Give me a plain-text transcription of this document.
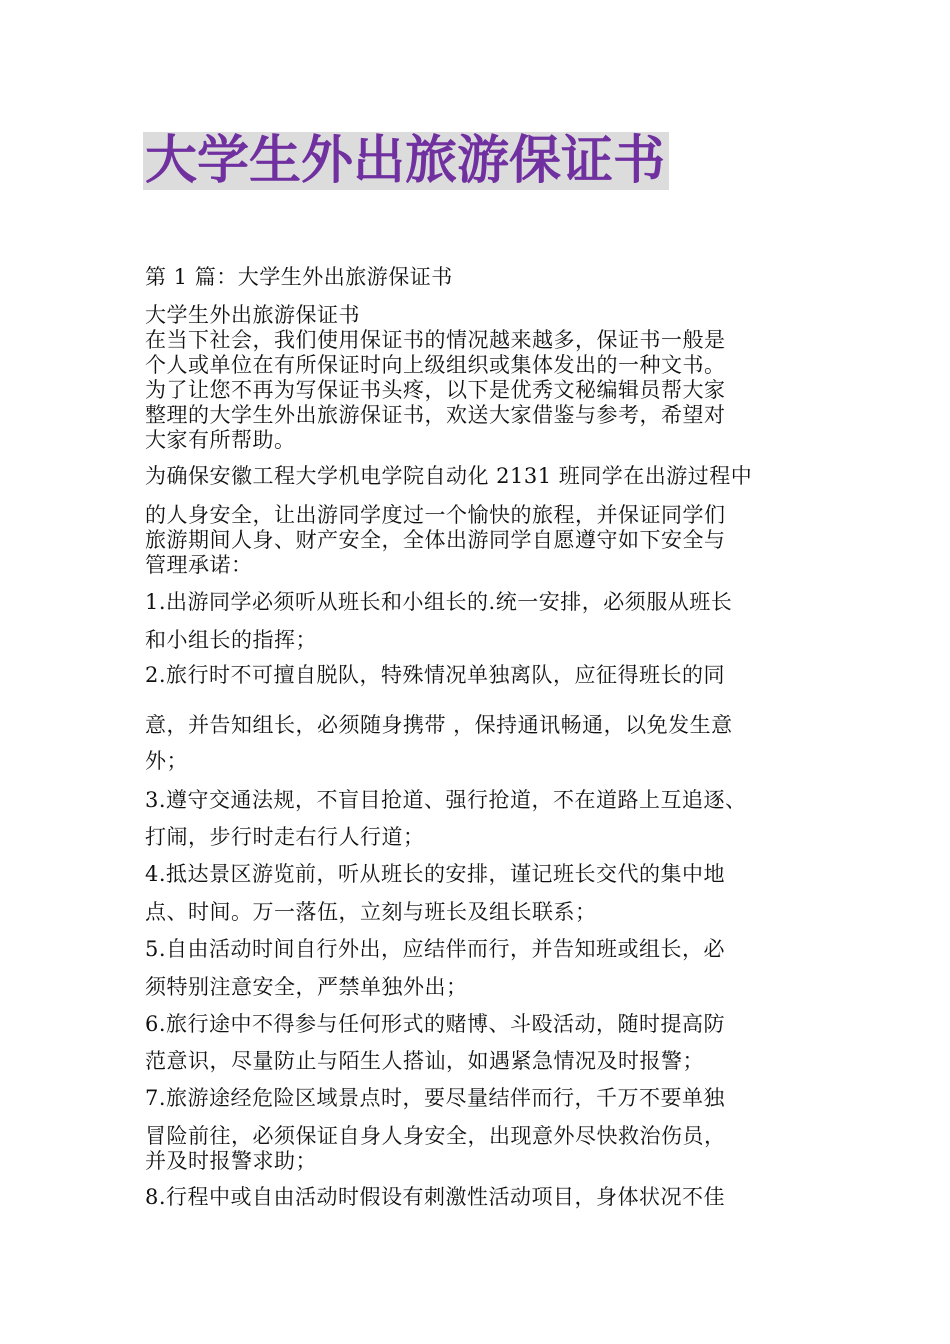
大学生外出旅游保证书
第 1 篇：大学生外出旅游保证书
大学生外出旅游保证书
在当下社会，我们使用保证书的情况越来越多，保证书一般是
个人或单位在有所保证时向上级组织或集体发出的一种文书。
为了让您不再为写保证书头疼，以下是优秀文秘编辑员帮大家
整理的大学生外出旅游保证书，欢送大家借鉴与参考，希望对
大家有所帮助。
为确保安徽工程大学机电学院自动化 2131 班同学在出游过程中
的人身安全，让出游同学度过一个愉快的旅程，并保证同学们
旅游期间人身、财产安全，全体出游同学自愿遵守如下安全与
管理承诺：
1.出游同学必须听从班长和小组长的.统一安排，必须服从班长
和小组长的指挥；
2.旅行时不可擅自脱队，特殊情况单独离队，应征得班长的同
意，并告知组长，必须随身携带 ，保持通讯畅通，以免发生意
外；
3.遵守交通法规，不盲目抢道、强行抢道，不在道路上互追逐、
打闹，步行时走右行人行道；
4.抵达景区游览前，听从班长的安排，谨记班长交代的集中地
点、时间。万一落伍，立刻与班长及组长联系；
5.自由活动时间自行外出，应结伴而行，并告知班或组长，必
须特别注意安全，严禁单独外出；
6.旅行途中不得参与任何形式的赌博、斗殴活动，随时提高防
范意识，尽量防止与陌生人搭讪，如遇紧急情况及时报警；
7.旅游途经危险区域景点时，要尽量结伴而行，千万不要单独
冒险前往，必须保证自身人身安全，出现意外尽快救治伤员，
并及时报警求助；
8.行程中或自由活动时假设有刺激性活动项目，身体状况不佳
